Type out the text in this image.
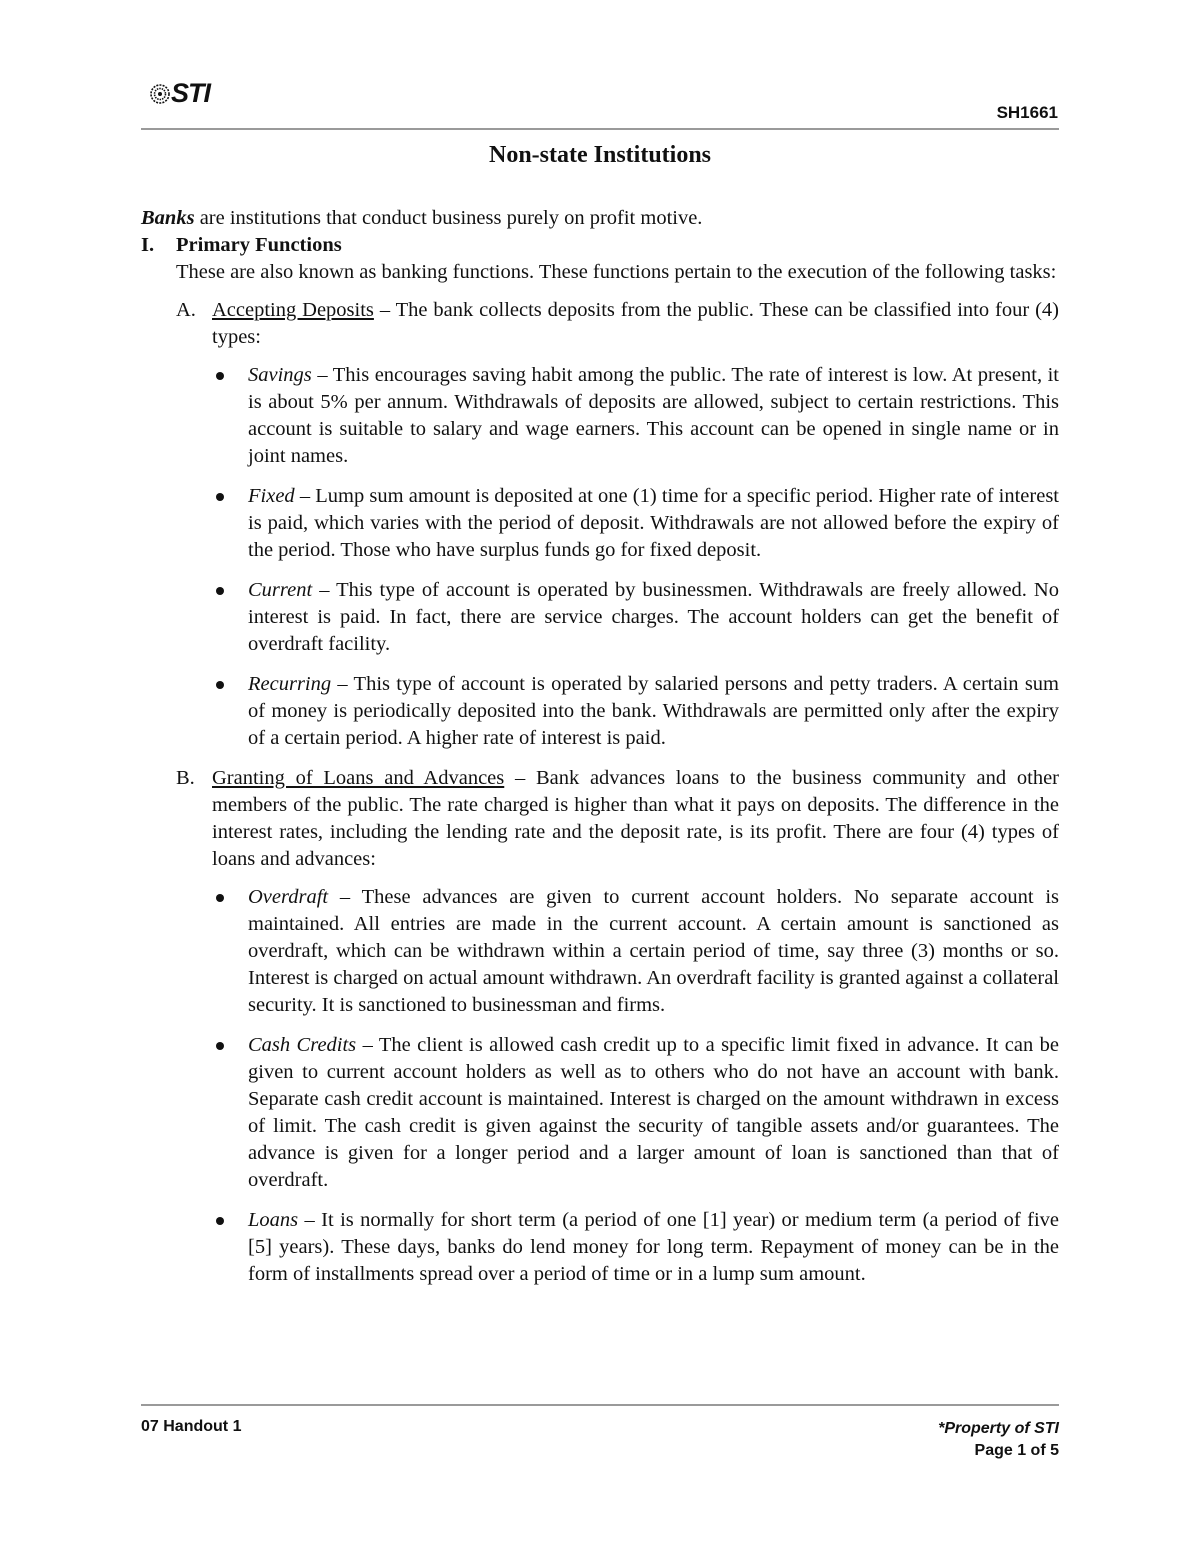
STI
SH1661
Non-state Institutions

Banks are institutions that conduct business purely on profit motive.

I.	Primary Functions

These are also known as banking functions. These functions pertain to the execution of the following tasks:

A. Accepting Deposits – The bank collects deposits from the public. These can be classified into four (4) types:

Savings – This encourages saving habit among the public. The rate of interest is low. At present, it is about 5% per annum. Withdrawals of deposits are allowed, subject to certain restrictions. This account is suitable to salary and wage earners. This account can be opened in single name or in joint names.
Fixed – Lump sum amount is deposited at one (1) time for a specific period. Higher rate of interest is paid, which varies with the period of deposit. Withdrawals are not allowed before the expiry of the period. Those who have surplus funds go for fixed deposit.
Current – This type of account is operated by businessmen. Withdrawals are freely allowed. No interest is paid. In fact, there are service charges. The account holders can get the benefit of overdraft facility.
Recurring – This type of account is operated by salaried persons and petty traders. A certain sum of money is periodically deposited into the bank. Withdrawals are permitted only after the expiry of a certain period. A higher rate of interest is paid.
B. Granting of Loans and Advances – Bank advances loans to the business community and other members of the public. The rate charged is higher than what it pays on deposits. The difference in the interest rates, including the lending rate and the deposit rate, is its profit. There are four (4) types of loans and advances:

Overdraft – These advances are given to current account holders. No separate account is maintained. All entries are made in the current account. A certain amount is sanctioned as overdraft, which can be withdrawn within a certain period of time, say three (3) months or so. Interest is charged on actual amount withdrawn. An overdraft facility is granted against a collateral security. It is sanctioned to businessman and firms.
Cash Credits – The client is allowed cash credit up to a specific limit fixed in advance. It can be given to current account holders as well as to others who do not have an account with bank. Separate cash credit account is maintained. Interest is charged on the amount withdrawn in excess of limit. The cash credit is given against the security of tangible assets and/or guarantees. The advance is given for a longer period and a larger amount of loan is sanctioned than that of overdraft.
Loans – It is normally for short term (a period of one [1] year) or medium term (a period of five [5] years). These days, banks do lend money for long term. Repayment of money can be in the form of installments spread over a period of time or in a lump sum amount.
07 Handout 1	*Property of STI
Page 1 of 5
